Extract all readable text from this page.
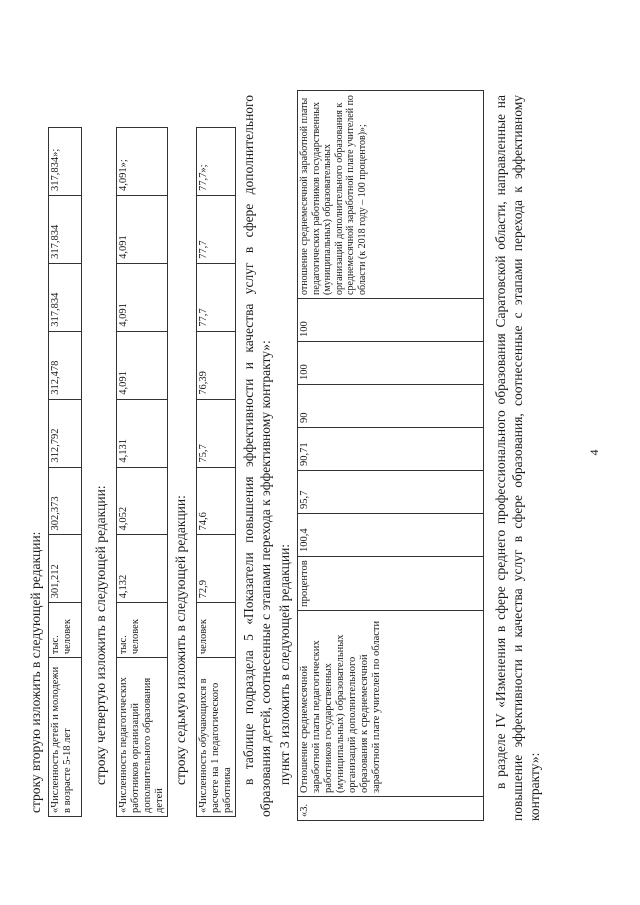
строку вторую изложить в следующей редакции: «Численность детей и молодежи в возрасте 5-18 лет	тыс. человек	301,212	302,373	312,792	312,478	317,834	317,834	317,834»;
строку четвертую изложить в следующей редакции: «Численность педагогических работников организаций дополнительного образования детей	тыс. человек	4,132	4,052	4,131	4,091	4,091	4,091	4,091»;
строку седьмую изложить в следующей редакции: «Численность обучающихся в расчете на 1 педагогического работника	человек	72,9	74,6	75,7	76,39	77,7	77,7	77,7»; в таблице подраздела 5 «Показатели повышения эффективности и качества услуг в сфере дополнительного образования детей, соотнесенные с этапами перехода к эффективному контракту»: пункт 3 изложить в следующей редакции:
«3.	Отношение среднемесячной заработной платы педагогических работников государственных (муниципальных) образовательных организаций дополнительного образования к среднемесячной заработной плате учителей по области	процентов	100,4	95,7	90,71	90	100	100	отношение среднемесячной заработной платы педагогических работников государственных (муниципальных) образовательных организаций дополнительного образования к среднемесячной заработной плате учителей по области (к 2018 году – 100 процентов)»;	в разделе IV «Изменения в сфере среднего профессионального образования Саратовской области, направленные на повышение эффективности и качества услуг в сфере образования, соотнесенные с этапами перехода к эффективному контракту»:
4
